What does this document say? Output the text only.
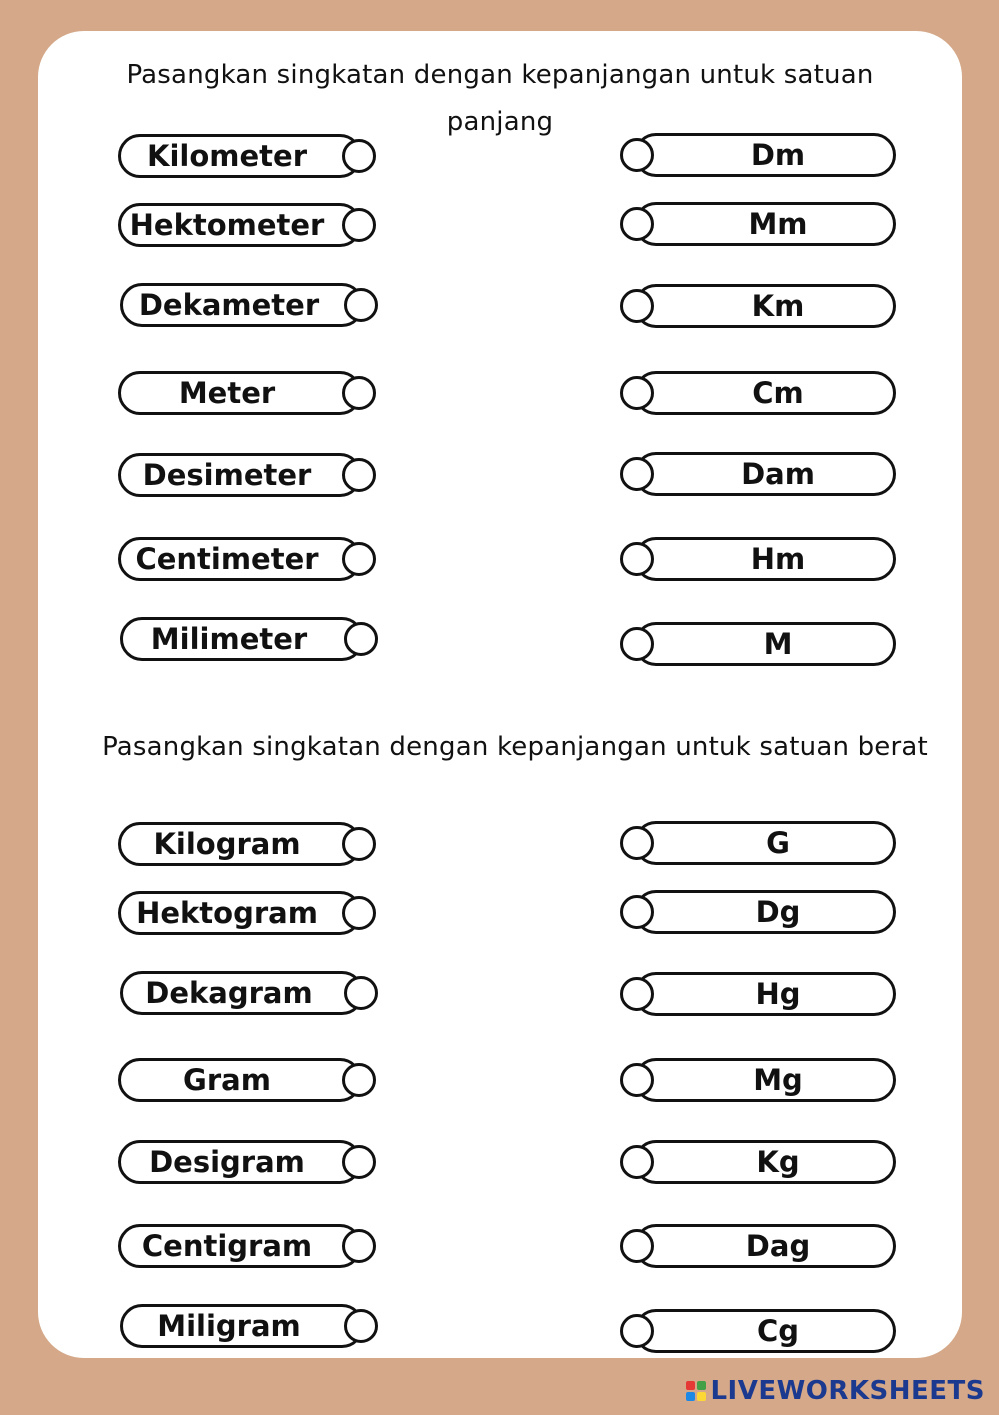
Pasangkan singkatan dengan kepanjangan untuk satuan panjang
Kilometer
Hektometer
Dekameter
Meter
Desimeter
Centimeter
Milimeter
Dm
Mm
Km
Cm
Dam
Hm
M
Pasangkan singkatan dengan kepanjangan untuk satuan berat
Kilogram
Hektogram
Dekagram
Gram
Desigram
Centigram
Miligram
G
Dg
Hg
Mg
Kg
Dag
Cg
LIVEWORKSHEETS
